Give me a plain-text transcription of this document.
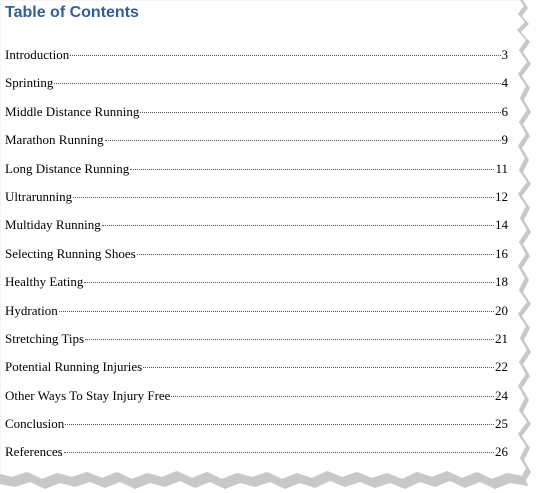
Table of Contents
Introduction	3
Sprinting	4
Middle Distance Running	6
Marathon Running	9
Long Distance Running	11
Ultrarunning	12
Multiday Running	14
Selecting Running Shoes	16
Healthy Eating	18
Hydration	20
Stretching Tips	21
Potential Running Injuries	22
Other Ways To Stay Injury Free	24
Conclusion	25
References	26
